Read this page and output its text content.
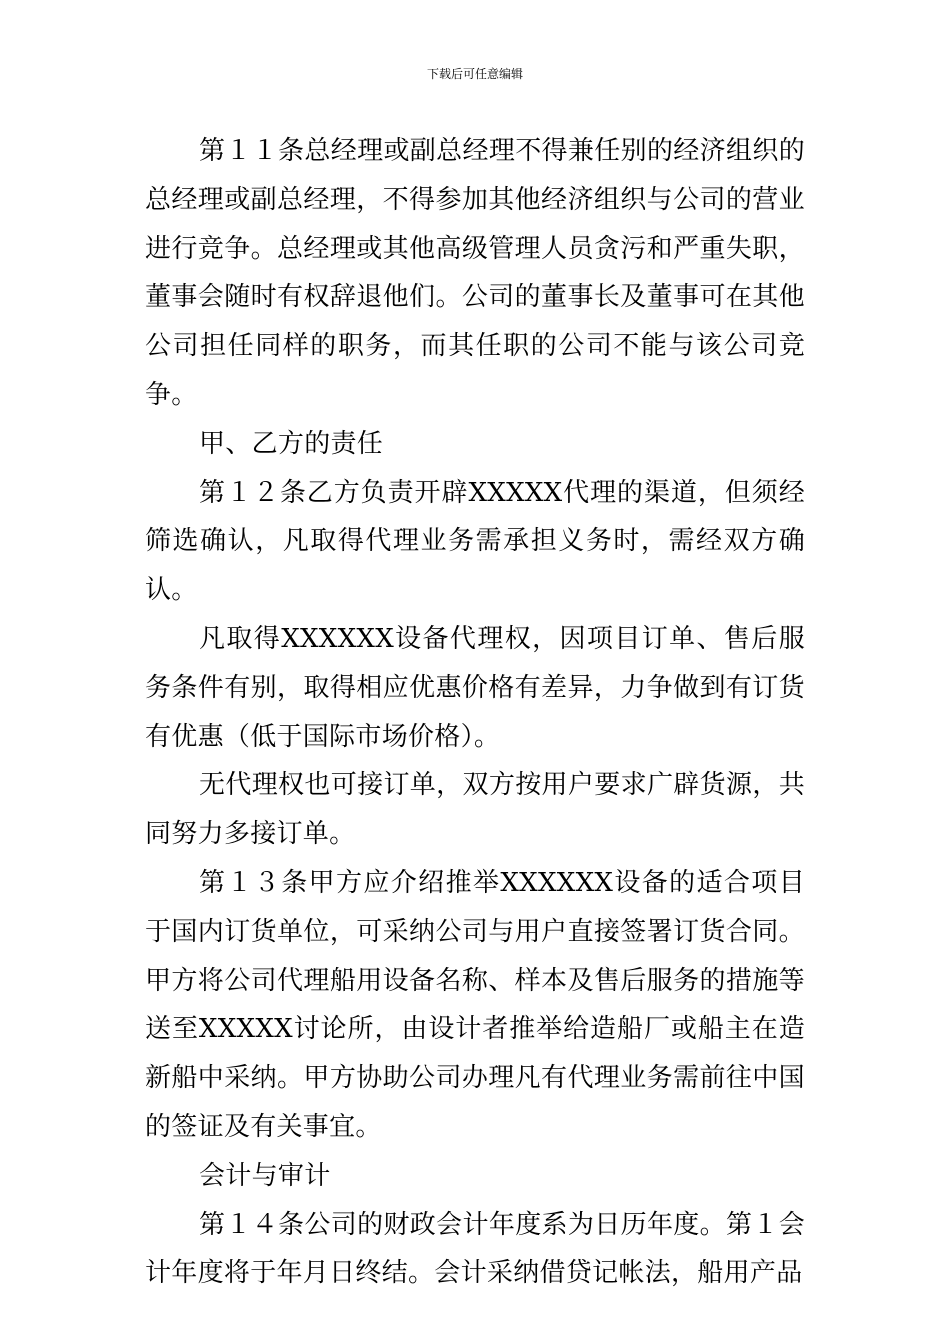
下载后可任意编辑

第１１条总经理或副总经理不得兼任别的经济组织的总经理或副总经理，不得参加其他经济组织与公司的营业进行竞争。总经理或其他高级管理人员贪污和严重失职，董事会随时有权辞退他们。公司的董事长及董事可在其他公司担任同样的职务，而其任职的公司不能与该公司竞争。

甲、乙方的责任

第１２条乙方负责开辟XXXXX代理的渠道，但须经筛选确认，凡取得代理业务需承担义务时，需经双方确认。

凡取得XXXXXX设备代理权，因项目订单、售后服务条件有别，取得相应优惠价格有差异，力争做到有订货有优惠（低于国际市场价格）。

无代理权也可接订单，双方按用户要求广辟货源，共同努力多接订单。

第１３条甲方应介绍推举XXXXXX设备的适合项目于国内订货单位，可采纳公司与用户直接签署订货合同。甲方将公司代理船用设备名称、样本及售后服务的措施等送至XXXXX讨论所，由设计者推举给造船厂或船主在造新船中采纳。甲方协助公司办理凡有代理业务需前往中国的签证及有关事宜。

会计与审计

第１４条公司的财政会计年度系为日历年度。第１会计年度将于年月日终结。会计采纳借贷记帐法，船用产品
